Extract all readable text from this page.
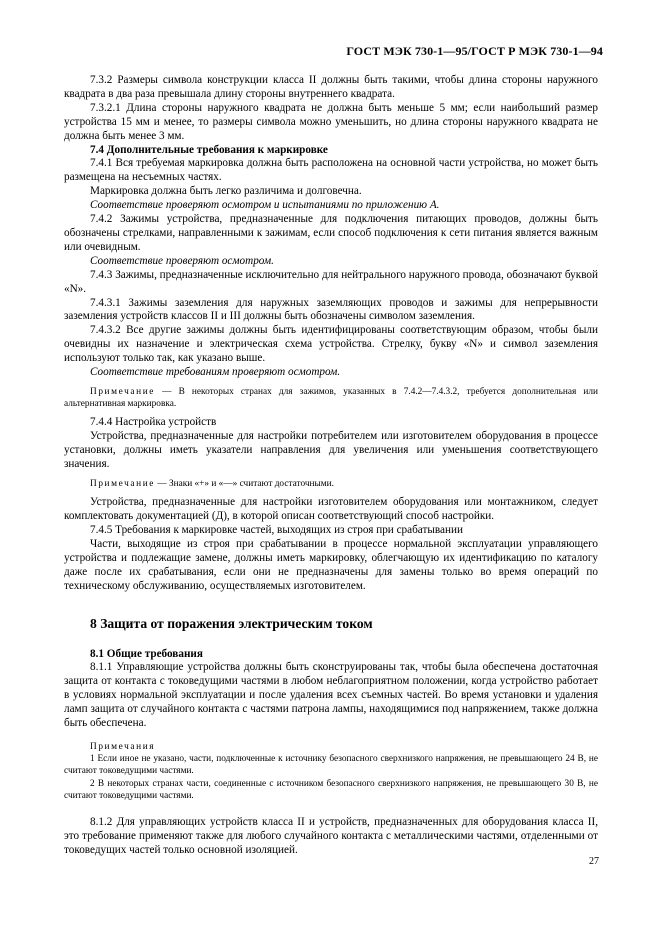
ГОСТ МЭК 730-1—95/ГОСТ Р МЭК 730-1—94

7.3.2 Размеры символа конструкции класса II должны быть такими, чтобы длина стороны наружного квадрата в два раза превышала длину стороны внутреннего квадрата.

7.3.2.1 Длина стороны наружного квадрата не должна быть меньше 5 мм; если наибольший размер устройства 15 мм и менее, то размеры символа можно уменьшить, но длина стороны наружного квадрата не должна быть менее 3 мм.

7.4 Дополнительные требования к маркировке

7.4.1 Вся требуемая маркировка должна быть расположена на основной части устройства, но может быть размещена на несъемных частях.

Маркировка должна быть легко различима и долговечна.

Соответствие проверяют осмотром и испытаниями по приложению А.

7.4.2 Зажимы устройства, предназначенные для подключения питающих проводов, должны быть обозначены стрелками, направленными к зажимам, если способ подключения к сети питания является важным или очевидным.

Соответствие проверяют осмотром.

7.4.3 Зажимы, предназначенные исключительно для нейтрального наружного провода, обозначают буквой «N».

7.4.3.1 Зажимы заземления для наружных заземляющих проводов и зажимы для непрерывности заземления устройств классов II и III должны быть обозначены символом заземления.

7.4.3.2 Все другие зажимы должны быть идентифицированы соответствующим образом, чтобы были очевидны их назначение и электрическая схема устройства. Стрелку, букву «N» и символ заземления используют только так, как указано выше.

Соответствие требованиям проверяют осмотром.

Примечание — В некоторых странах для зажимов, указанных в 7.4.2—7.4.3.2, требуется дополнительная или альтернативная маркировка.

7.4.4 Настройка устройств

Устройства, предназначенные для настройки потребителем или изготовителем оборудования в процессе установки, должны иметь указатели направления для увеличения или уменьшения соответствующего значения.

Примечание — Знаки «+» и «—» считают достаточными.

Устройства, предназначенные для настройки изготовителем оборудования или монтажником, следует комплектовать документацией (Д), в которой описан соответствующий способ настройки.

7.4.5 Требования к маркировке частей, выходящих из строя при срабатывании

Части, выходящие из строя при срабатывании в процессе нормальной эксплуатации управляющего устройства и подлежащие замене, должны иметь маркировку, облегчающую их идентификацию по каталогу даже после их срабатывания, если они не предназначены для замены только во время операций по техническому обслуживанию, осуществляемых изготовителем.

8 Защита от поражения электрическим током

8.1 Общие требования

8.1.1 Управляющие устройства должны быть сконструированы так, чтобы была обеспечена достаточная защита от контакта с токоведущими частями в любом неблагоприятном положении, когда устройство работает в условиях нормальной эксплуатации и после удаления всех съемных частей. Во время установки и удаления ламп защита от случайного контакта с частями патрона лампы, находящимися под напряжением, также должна быть обеспечена.

Примечания

1 Если иное не указано, части, подключенные к источнику безопасного сверхнизкого напряжения, не превышающего 24 В, не считают токоведущими частями.

2 В некоторых странах части, соединенные с источником безопасного сверхнизкого напряжения, не превышающего 30 В, не считают токоведущими частями.

8.1.2 Для управляющих устройств класса II и устройств, предназначенных для оборудования класса II, это требование применяют также для любого случайного контакта с металлическими частями, отделенными от токоведущих частей только основной изоляцией.

27
